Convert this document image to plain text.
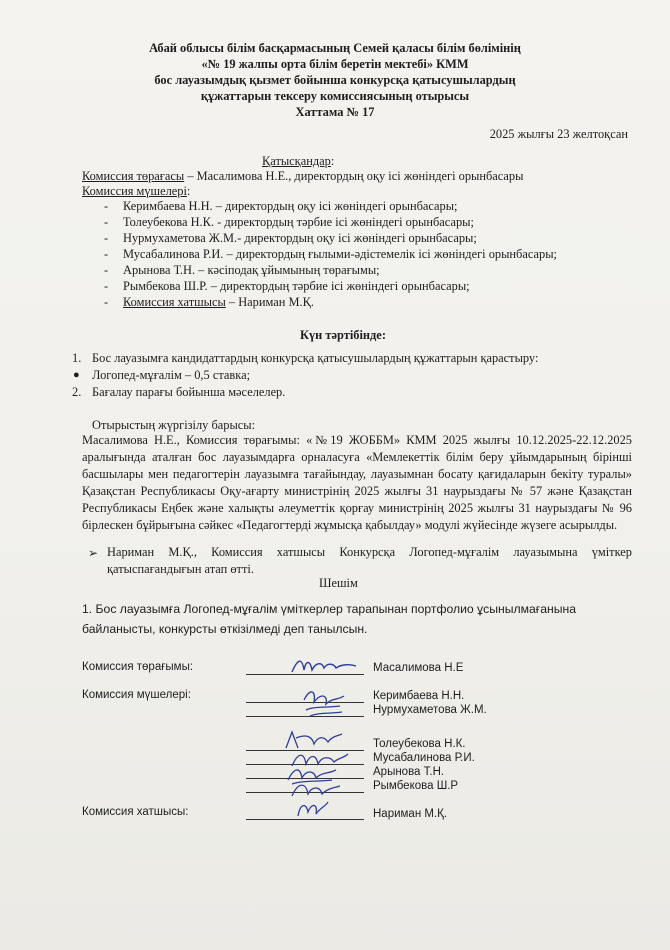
Абай облысы білім басқармасының Семей қаласы білім бөлімінің
«№ 19 жалпы орта білім беретін мектебі» КММ
бос лауазымдық қызмет бойынша конкурсқа қатысушылардың
құжаттарын тексеру комиссиясының отырысы
Хаттама № 17
2025 жылғы 23 желтоқсан
Қатысқандар:
Комиссия төрағасы – Масалимова Н.Е., директордың оқу ісі жөніндегі орынбасары
Комиссия мүшелері:
- Керимбаева Н.Н. – директордың оқу ісі жөніндегі орынбасары;
- Толеубекова Н.К. - директордың тәрбие ісі жөніндегі орынбасары;
- Нурмухаметова Ж.М.- директордың оқу ісі жөніндегі орынбасары;
- Мусабалинова Р.И. – директордың ғылыми-әдістемелік ісі жөніндегі орынбасары;
- Арынова Т.Н. – кәсіподақ ұйымының төрағымы;
- Рымбекова Ш.Р. – директордың тәрбие ісі жөніндегі орынбасары;
- Комиссия хатшысы – Нариман М.Қ.
Күн тәртібінде:
1. Бос лауазымға кандидаттардың конкурсқа қатысушылардың құжаттарын қарастыру:
● Логопед-мұғалім – 0,5 ставка;
2. Бағалау парағы бойынша мәселелер.
Отырыстың жүргізілу барысы:
Масалимова Н.Е., Комиссия төрағымы: «№19 ЖОББМ» КММ 2025 жылғы 10.12.2025-22.12.2025 аралығында аталған бос лауазымдарға орналасуға «Мемлекеттік білім беру ұйымдарының бірінші басшылары мен педагогтерін лауазымға тағайындау, лауазымнан босату қағидаларын бекіту туралы» Қазақстан Республикасы Оқу-ағарту министрінің 2025 жылғы 31 наурыздағы № 57 және Қазақстан Республикасы Еңбек және халықты әлеуметтік қорғау министрінің 2025 жылғы 31 наурыздағы № 96 бірлескен бұйрығына сәйкес «Педагогтерді жұмысқа қабылдау» модулі жүйесінде жүзеге асырылды.
➢ Нариман М.Қ., Комиссия хатшысы Конкурсқа Логопед-мұғалім лауазымына үміткер қатыспағандығын атап өтті.
Шешім
1. Бос лауазымға Логопед-мұғалім үміткерлер тарапынан портфолио ұсынылмағанына байланысты, конкурсты өткізілмеді деп танылсын.
Комиссия төрағымы:
Комиссия мүшелері:
Комиссия хатшысы:
Масалимова Н.Е
Керимбаева Н.Н.
Нурмухаметова Ж.М.
Толеубекова Н.К.
Мусабалинова Р.И.
Арынова Т.Н.
Рымбекова Ш.Р
Нариман М.Қ.
